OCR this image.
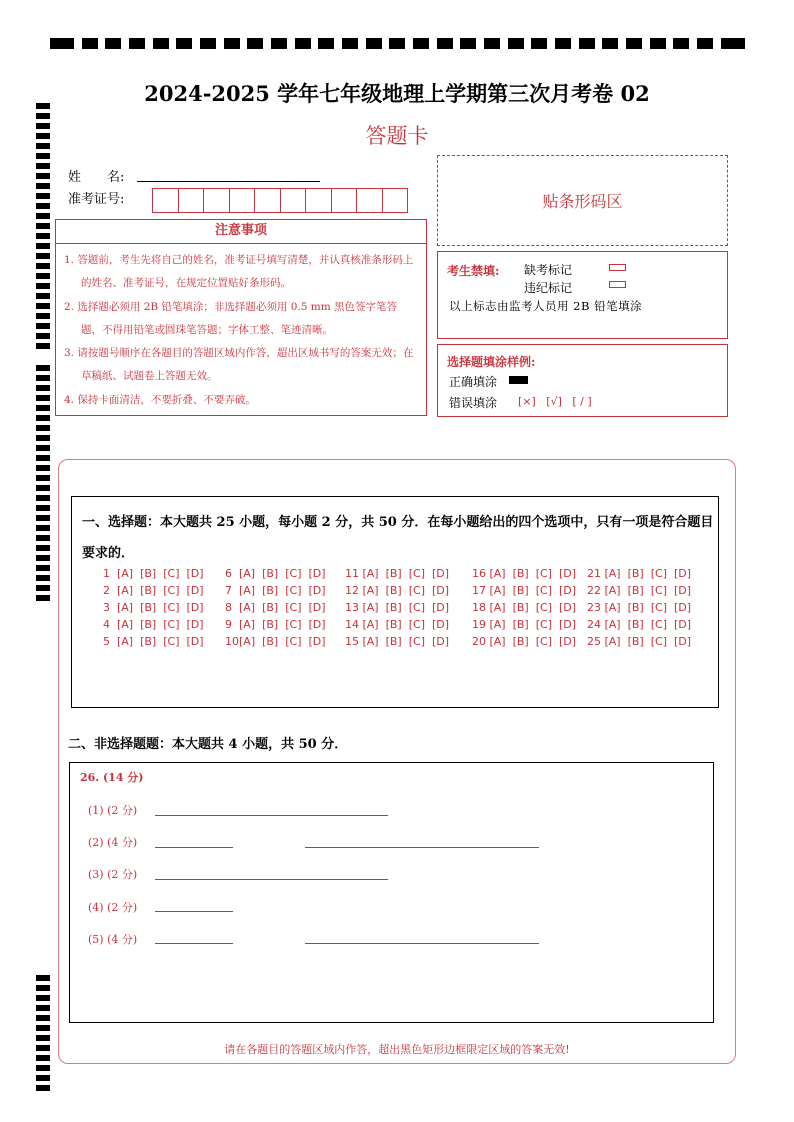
2024-2025 学年七年级地理上学期第三次月考卷 02
答题卡
姓　　名:
准考证号:	贴条形码区
注意事项
1. 答题前，考生先将自己的姓名，准考证号填写清楚，并认真核准条形码上的姓名、准考证号，在规定位置贴好条形码。
2. 选择题必须用 2B 铅笔填涂；非选择题必须用 0.5 mm 黑色签字笔答题，不得用铅笔或圆珠笔答题；字体工整、笔迹清晰。
3. 请按题号顺序在各题目的答题区域内作答，超出区域书写的答案无效；在草稿纸、试题卷上答题无效。
4. 保持卡面清洁，不要折叠、不要弄破。
考生禁填: 缺考标记
违纪标记
以上标志由监考人员用 2B 铅笔填涂
选择题填涂样例:
正确填涂
错误填涂 [×]   [√]   [ / ]
一、选择题：本大题共 25 小题，每小题 2 分，共 50 分．在每小题给出的四个选项中，只有一项是符合题目要求的．
1  [A]  [B]  [C]  [D]
2  [A]  [B]  [C]  [D]
3  [A]  [B]  [C]  [D]
4  [A]  [B]  [C]  [D]
5  [A]  [B]  [C]  [D]
6  [A]  [B]  [C]  [D]
7  [A]  [B]  [C]  [D]
8  [A]  [B]  [C]  [D]
9  [A]  [B]  [C]  [D]
10[A]  [B]  [C]  [D]
11 [A]  [B]  [C]  [D]
12 [A]  [B]  [C]  [D]
13 [A]  [B]  [C]  [D]
14 [A]  [B]  [C]  [D]
15 [A]  [B]  [C]  [D]
16 [A]  [B]  [C]  [D]
17 [A]  [B]  [C]  [D]
18 [A]  [B]  [C]  [D]
19 [A]  [B]  [C]  [D]
20 [A]  [B]  [C]  [D]
21 [A]  [B]  [C]  [D]
22 [A]  [B]  [C]  [D]
23 [A]  [B]  [C]  [D]
24 [A]  [B]  [C]  [D]
25 [A]  [B]  [C]  [D]
二、非选择题题：本大题共 4 小题，共 50 分．
26. (14 分)
(1) (2 分)
(2) (4 分)
(3) (2 分)
(4) (2 分)
(5) (4 分)
请在各题目的答题区域内作答，超出黑色矩形边框限定区域的答案无效!
